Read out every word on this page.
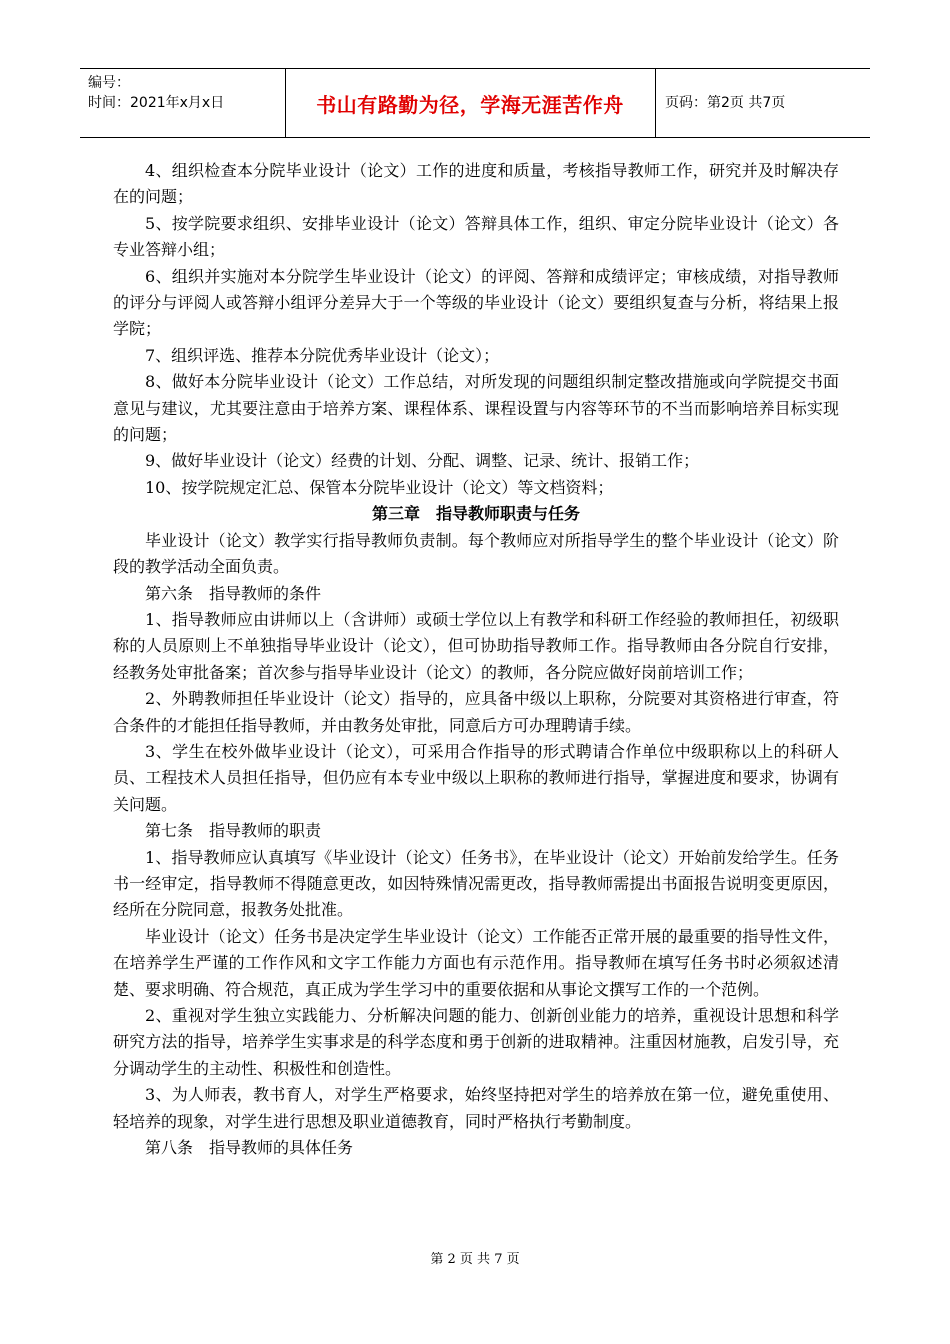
编号：
时间：2021年x月x日	书山有路勤为径，学海无涯苦作舟	页码：第2页 共7页

4、组织检查本分院毕业设计（论文）工作的进度和质量，考核指导教师工作，研究并及时解决存在的问题；

5、按学院要求组织、安排毕业设计（论文）答辩具体工作，组织、审定分院毕业设计（论文）各专业答辩小组；

6、组织并实施对本分院学生毕业设计（论文）的评阅、答辩和成绩评定；审核成绩，对指导教师的评分与评阅人或答辩小组评分差异大于一个等级的毕业设计（论文）要组织复查与分析，将结果上报学院；

7、组织评选、推荐本分院优秀毕业设计（论文）；

8、做好本分院毕业设计（论文）工作总结，对所发现的问题组织制定整改措施或向学院提交书面意见与建议，尤其要注意由于培养方案、课程体系、课程设置与内容等环节的不当而影响培养目标实现的问题；

9、做好毕业设计（论文）经费的计划、分配、调整、记录、统计、报销工作；

10、按学院规定汇总、保管本分院毕业设计（论文）等文档资料；

第三章　指导教师职责与任务

毕业设计（论文）教学实行指导教师负责制。每个教师应对所指导学生的整个毕业设计（论文）阶段的教学活动全面负责。

第六条　指导教师的条件

1、指导教师应由讲师以上（含讲师）或硕士学位以上有教学和科研工作经验的教师担任，初级职称的人员原则上不单独指导毕业设计（论文），但可协助指导教师工作。指导教师由各分院自行安排，经教务处审批备案；首次参与指导毕业设计（论文）的教师，各分院应做好岗前培训工作；

2、外聘教师担任毕业设计（论文）指导的，应具备中级以上职称，分院要对其资格进行审查，符合条件的才能担任指导教师，并由教务处审批，同意后方可办理聘请手续。

3、学生在校外做毕业设计（论文），可采用合作指导的形式聘请合作单位中级职称以上的科研人员、工程技术人员担任指导，但仍应有本专业中级以上职称的教师进行指导，掌握进度和要求，协调有关问题。

第七条　指导教师的职责

1、指导教师应认真填写《毕业设计（论文）任务书》，在毕业设计（论文）开始前发给学生。任务书一经审定，指导教师不得随意更改，如因特殊情况需更改，指导教师需提出书面报告说明变更原因，经所在分院同意，报教务处批准。

毕业设计（论文）任务书是决定学生毕业设计（论文）工作能否正常开展的最重要的指导性文件，在培养学生严谨的工作作风和文字工作能力方面也有示范作用。指导教师在填写任务书时必须叙述清楚、要求明确、符合规范，真正成为学生学习中的重要依据和从事论文撰写工作的一个范例。

2、重视对学生独立实践能力、分析解决问题的能力、创新创业能力的培养，重视设计思想和科学研究方法的指导，培养学生实事求是的科学态度和勇于创新的进取精神。注重因材施教，启发引导，充分调动学生的主动性、积极性和创造性。

3、为人师表，教书育人，对学生严格要求，始终坚持把对学生的培养放在第一位，避免重使用、轻培养的现象，对学生进行思想及职业道德教育，同时严格执行考勤制度。

第八条　指导教师的具体任务

第 2 页 共 7 页
